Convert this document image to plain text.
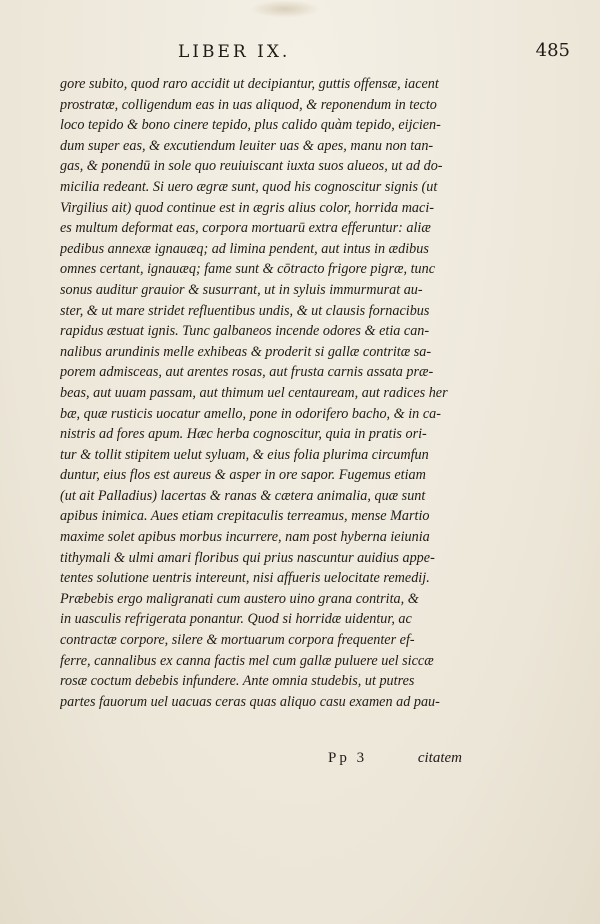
LIBER IX.	485
gore subito, quod raro accidit ut decipiantur, guttis offensæ, iacent
prostratæ, colligendum eas in uas aliquod, & reponendum in tecto
loco tepido & bono cinere tepido, plus calido quàm tepido, eijcien-
dum super eas, & excutiendum leuiter uas & apes, manu non tan-
gas, & ponendū in sole quo reuiuiscant iuxta suos alueos, ut ad do-
micilia redeant. Si uero ægræ sunt, quod his cognoscitur signis (ut
Virgilius ait) quod continue est in ægris alius color, horrida maci-
es multum deformat eas, corpora mortuarū extra efferuntur: aliæ
pedibus annexæ ignauæq; ad limina pendent, aut intus in ædibus
omnes certant, ignauæq; fame sunt & cōtracto frigore pigræ, tunc
sonus auditur grauior & susurrant, ut in syluis immurmurat au-
ster, & ut mare stridet refluentibus undis, & ut clausis fornacibus
rapidus æstuat ignis. Tunc galbaneos incende odores & etia can-
nalibus arundinis melle exhibeas & proderit si gallæ contritæ sa-
porem admisceas, aut arentes rosas, aut frusta carnis assata præ-
beas, aut uuam passam, aut thimum uel centauream, aut radices her
bæ, quæ rusticis uocatur amello, pone in odorifero bacho, & in ca-
nistris ad fores apum. Hæc herba cognoscitur, quia in pratis ori-
tur & tollit stipitem uelut syluam, & eius folia plurima circumfun
duntur, eius flos est aureus & asper in ore sapor. Fugemus etiam
(ut ait Palladius) lacertas & ranas & cætera animalia, quæ sunt
apibus inimica. Aues etiam crepitaculis terreamus, mense Martio
maxime solet apibus morbus incurrere, nam post hyberna ieiunia
tithymali & ulmi amari floribus qui prius nascuntur auidius appe-
tentes solutione uentris intereunt, nisi affueris uelocitate remedij.
Præbebis ergo maligranati cum austero uino grana contrita, &
in uasculis refrigerata ponantur. Quod si horridæ uidentur, ac
contractæ corpore, silere & mortuarum corpora frequenter ef-
ferre, cannalibus ex canna factis mel cum gallæ puluere uel siccæ
rosæ coctum debebis infundere. Ante omnia studebis, ut putres
partes fauorum uel uacuas ceras quas aliquo casu examen ad pau-
Pp 3	citatem
